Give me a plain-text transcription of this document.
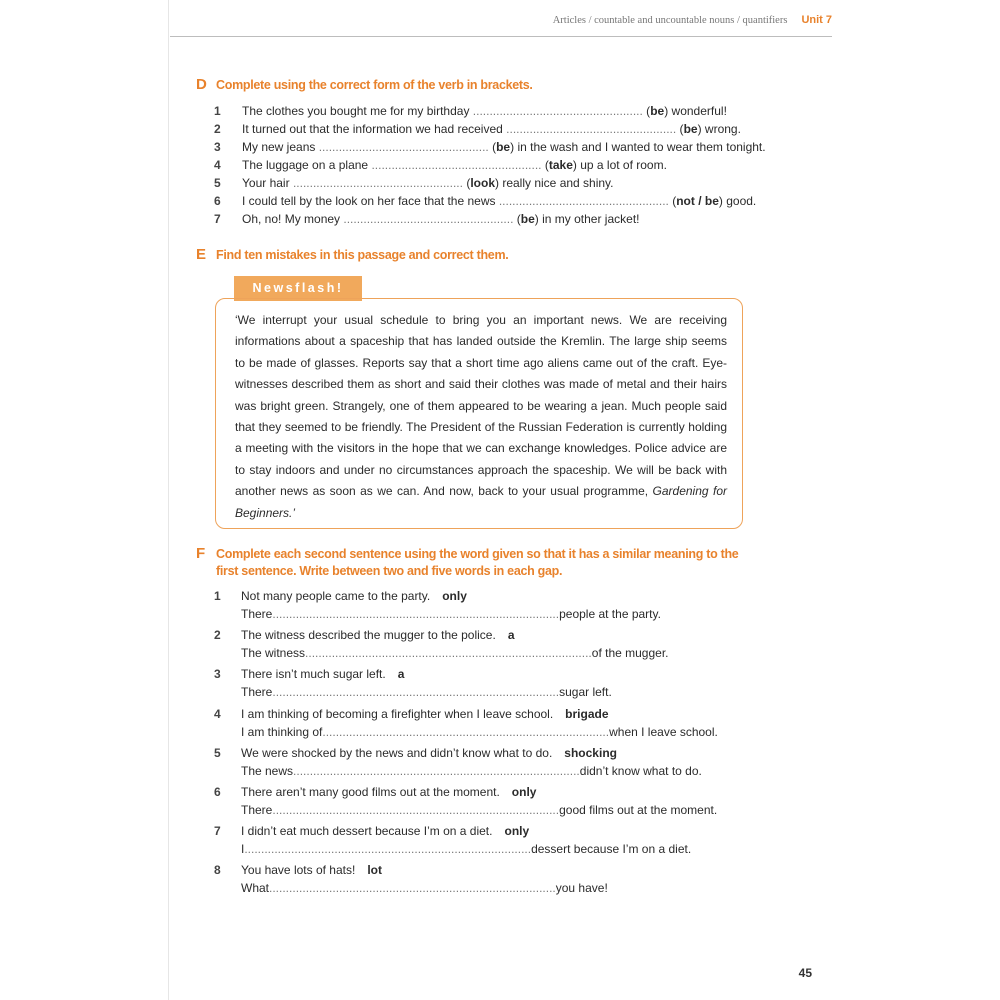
Articles / countable and uncountable nouns / quantifiers Unit 7
D Complete using the correct form of the verb in brackets.
1	The clothes you bought me for my birthday ................................................... (be) wonderful!
2	It turned out that the information we had received ................................................... (be) wrong.
3	My new jeans ................................................... (be) in the wash and I wanted to wear them tonight.
4	The luggage on a plane ................................................... (take) up a lot of room.
5	Your hair ................................................... (look) really nice and shiny.
6	I could tell by the look on her face that the news ................................................... (not / be) good.
7	Oh, no! My money ................................................... (be) in my other jacket!
E Find ten mistakes in this passage and correct them.
Newsflash!
‘We interrupt your usual schedule to bring you an important news. We are receiving informations about a spaceship that has landed outside the Kremlin. The large ship seems to be made of glasses. Reports say that a short time ago aliens came out of the craft. Eye-witnesses described them as short and said their clothes was made of metal and their hairs was bright green. Strangely, one of them appeared to be wearing a jean. Much people said that they seemed to be friendly. The President of the Russian Federation is currently holding a meeting with the visitors in the hope that we can exchange knowledges. Police advice are to stay indoors and under no circumstances approach the spaceship. We will be back with another news as soon as we can. And now, back to your usual programme, Gardening for Beginners.’
F Complete each second sentence using the word given so that it has a similar meaning to the
first sentence. Write between two and five words in each gap.
1	Not many people came to the party. only
There ...................................................................................... people at the party.
2	The witness described the mugger to the police. a
The witness ...................................................................................... of the mugger.
3	There isn’t much sugar left. a
There ...................................................................................... sugar left.
4	I am thinking of becoming a firefighter when I leave school. brigade
I am thinking of ...................................................................................... when I leave school.
5	We were shocked by the news and didn’t know what to do. shocking
The news ...................................................................................... didn’t know what to do.
6	There aren’t many good films out at the moment. only
There ...................................................................................... good films out at the moment.
7	I didn’t eat much dessert because I’m on a diet. only
I ...................................................................................... dessert because I’m on a diet.
8	You have lots of hats! lot
What ...................................................................................... you have!
45
